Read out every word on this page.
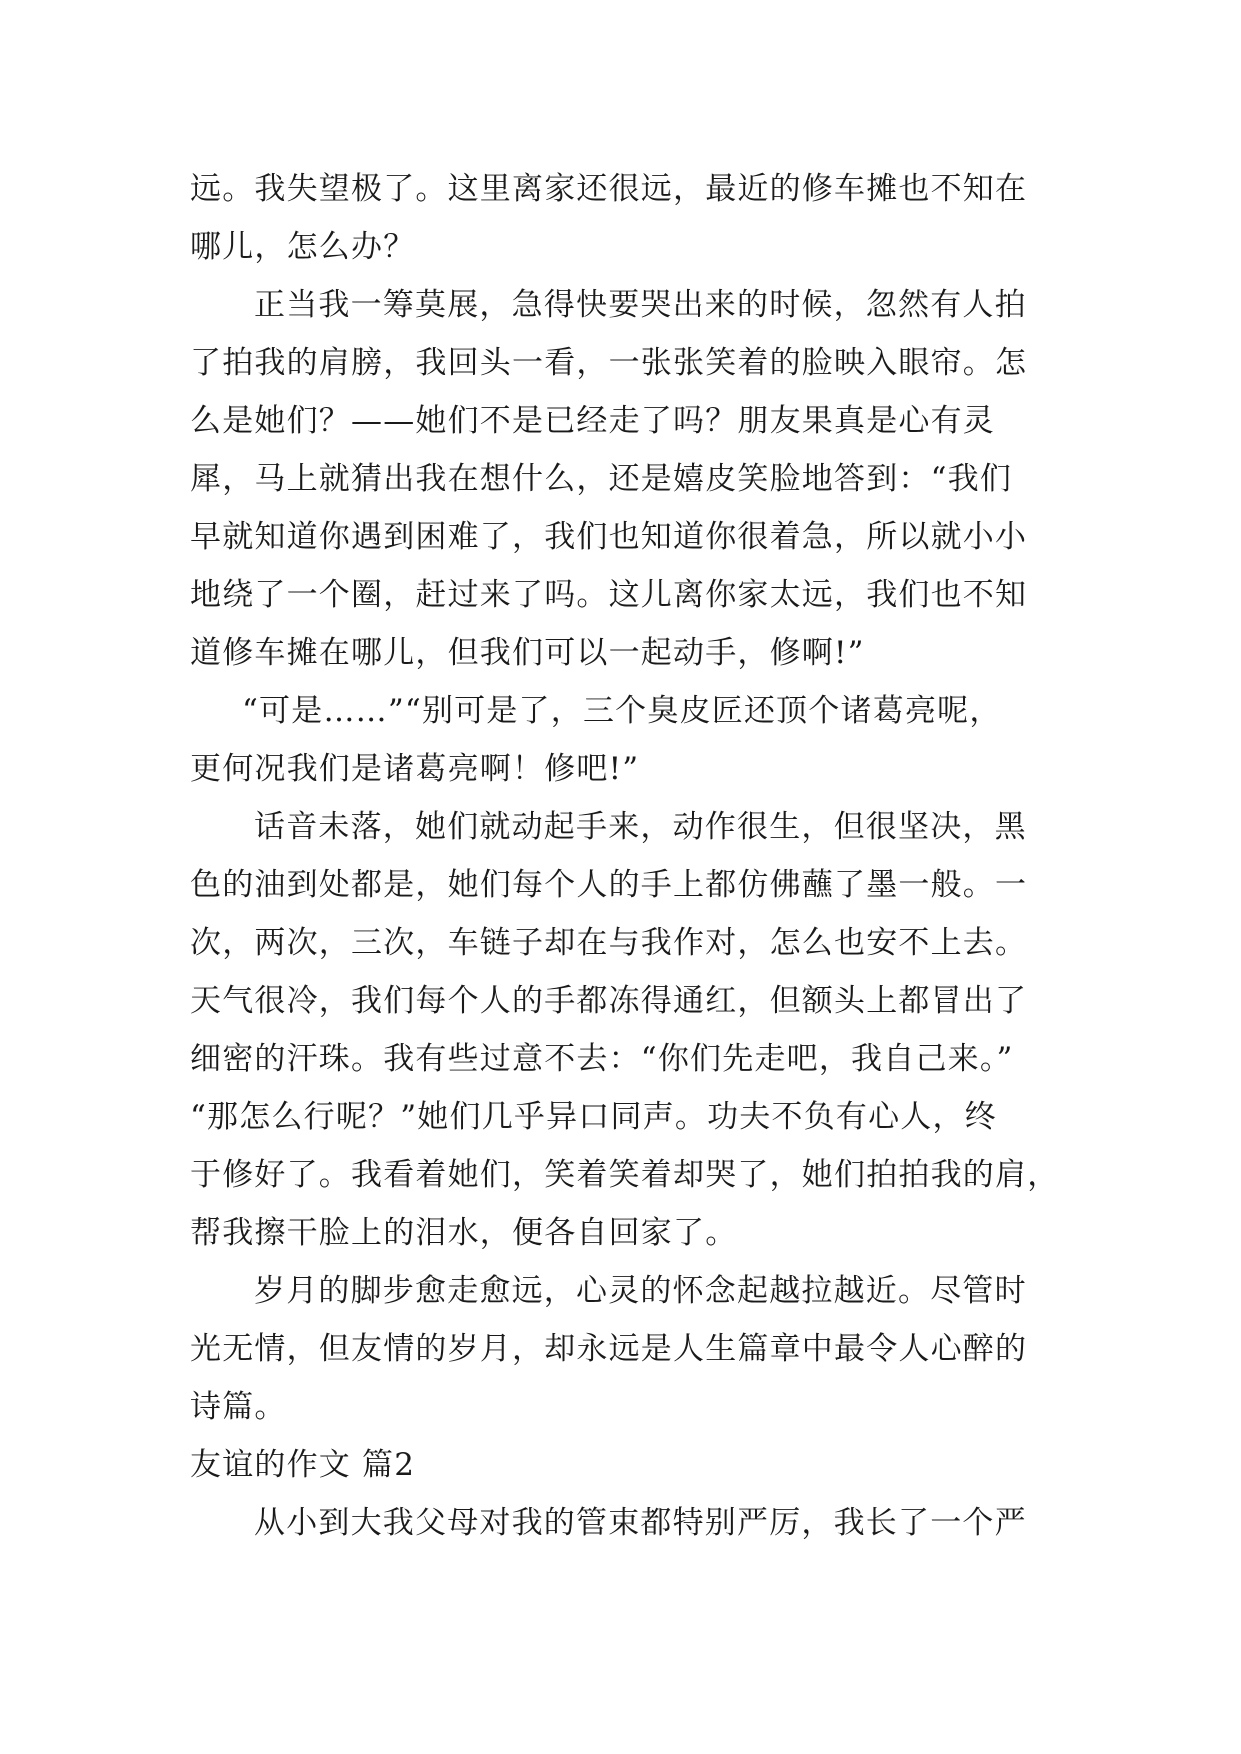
远。我失望极了。这里离家还很远，最近的修车摊也不知在
哪儿，怎么办？
正当我一筹莫展，急得快要哭出来的时候，忽然有人拍
了拍我的肩膀，我回头一看，一张张笑着的脸映入眼帘。怎
么是她们？——她们不是已经走了吗？朋友果真是心有灵
犀，马上就猜出我在想什么，还是嬉皮笑脸地答到：“我们
早就知道你遇到困难了，我们也知道你很着急，所以就小小
地绕了一个圈，赶过来了吗。这儿离你家太远，我们也不知
道修车摊在哪儿，但我们可以一起动手，修啊!”
“可是……”“别可是了，三个臭皮匠还顶个诸葛亮呢，
更何况我们是诸葛亮啊！修吧!”
话音未落，她们就动起手来，动作很生，但很坚决，黑
色的油到处都是，她们每个人的手上都仿佛蘸了墨一般。一
次，两次，三次，车链子却在与我作对，怎么也安不上去。
天气很冷，我们每个人的手都冻得通红，但额头上都冒出了
细密的汗珠。我有些过意不去：“你们先走吧，我自己来。”
“那怎么行呢？”她们几乎异口同声。功夫不负有心人，终
于修好了。我看着她们，笑着笑着却哭了，她们拍拍我的肩，
帮我擦干脸上的泪水，便各自回家了。
岁月的脚步愈走愈远，心灵的怀念起越拉越近。尽管时
光无情，但友情的岁月，却永远是人生篇章中最令人心醉的
诗篇。
友谊的作文 篇2
从小到大我父母对我的管束都特别严厉，我长了一个严
